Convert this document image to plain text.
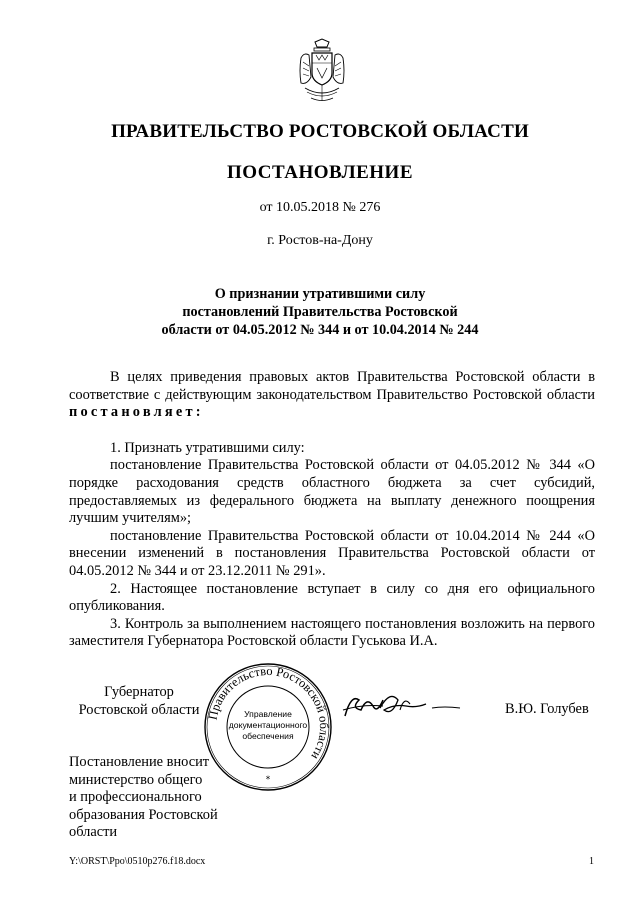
ПРАВИТЕЛЬСТВО РОСТОВСКОЙ ОБЛАСТИ
ПОСТАНОВЛЕНИЕ
от 10.05.2018 № 276
г. Ростов-на-Дону
О признании утратившими силу
постановлений Правительства Ростовской
области от 04.05.2012 № 344 и от 10.04.2014 № 244

В целях приведения правовых актов Правительства Ростовской области в соответствие с действующим законодательством Правительство Ростовской области постановляет:

1. Признать утратившими силу:

постановление Правительства Ростовской области от 04.05.2012 № 344 «О порядке расходования средств областного бюджета за счет субсидий, предоставляемых из федерального бюджета на выплату денежного поощрения лучшим учителям»;

постановление Правительства Ростовской области от 10.04.2014 № 244 «О внесении изменений в постановления Правительства Ростовской области от 04.05.2012 № 344 и от 23.12.2011 № 291».

2. Настоящее постановление вступает в силу со дня его официального опубликования.

3. Контроль за выполнением настоящего постановления возложить на первого заместителя Губернатора Ростовской области Гуськова И.А.

Губернатор
Ростовской области Правительство Ростовской области
Управление
документационного
обеспечения
*
В.Ю. Голубев
Постановление вносит
министерство общего
и профессионального
образования Ростовской
области
Y:\ORST\Ppo\0510p276.f18.docx	1
